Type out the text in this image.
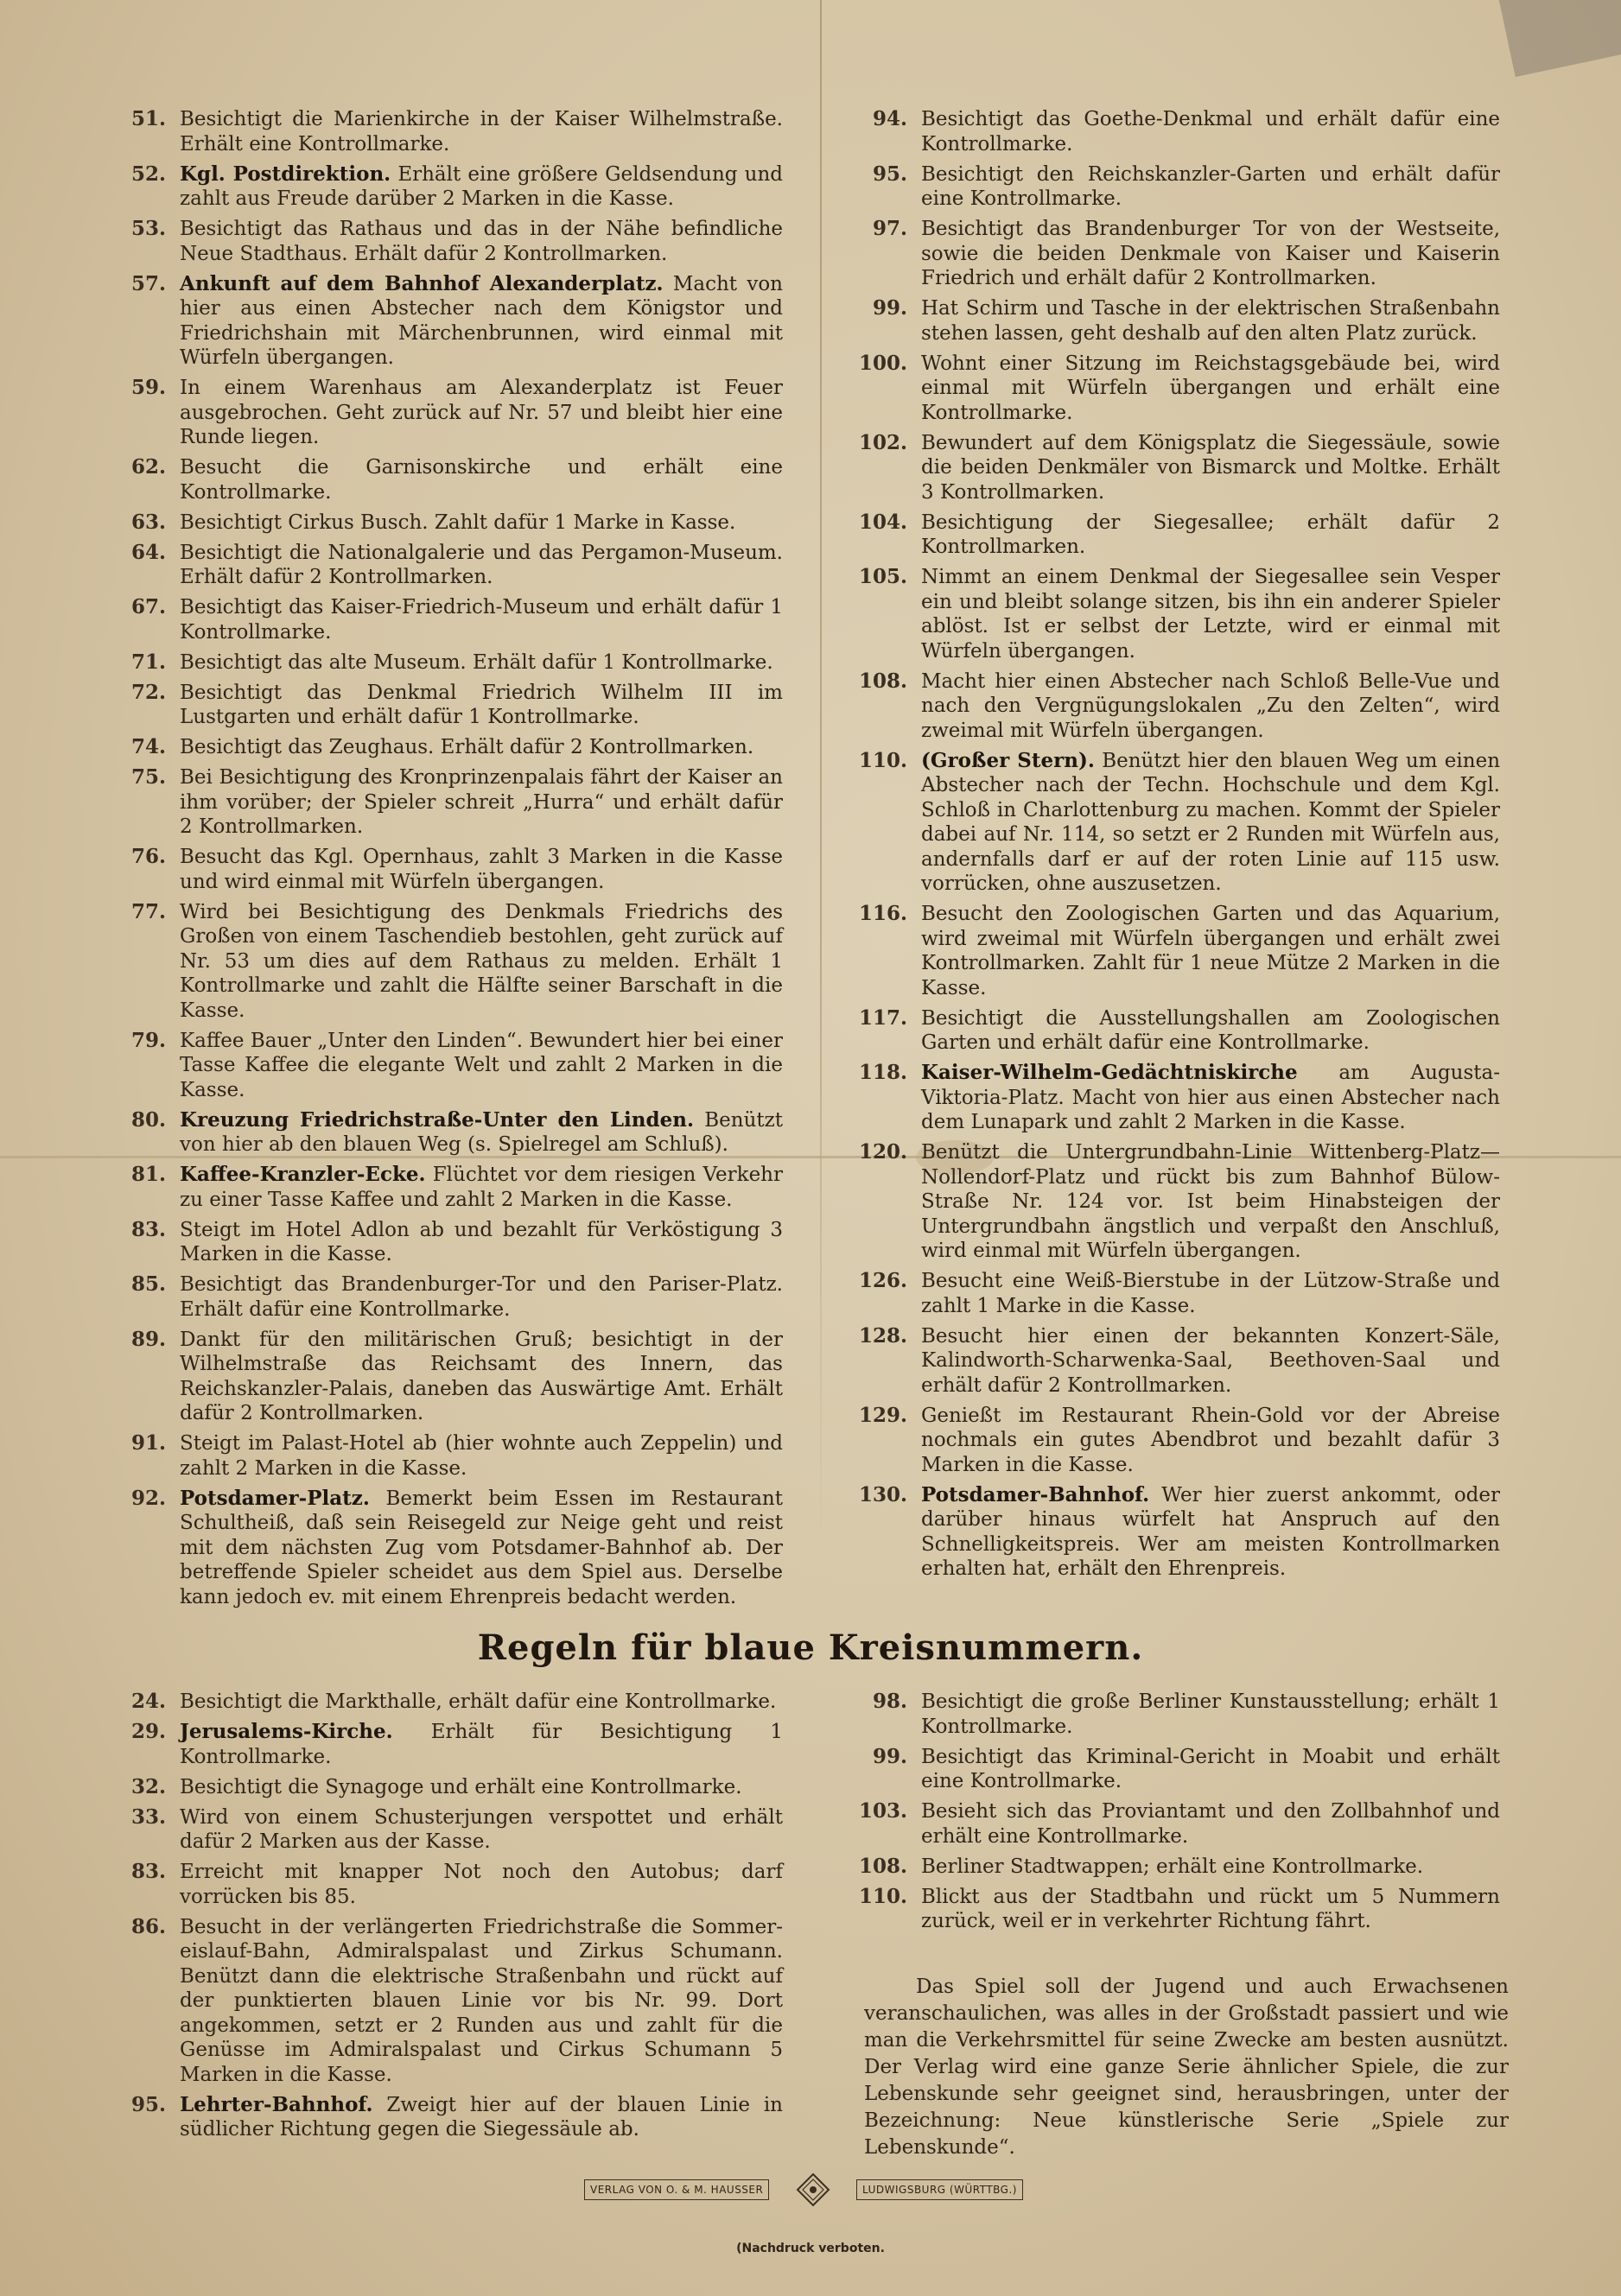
51. Besichtigt die Marienkirche in der Kaiser Wilhelmstraße. Erhält eine Kontrollmarke.
52. Kgl. Postdirektion. Erhält eine größere Geldsendung und zahlt aus Freude darüber 2 Marken in die Kasse.
53. Besichtigt das Rathaus und das in der Nähe befindliche Neue Stadthaus. Erhält dafür 2 Kontrollmarken.
57. Ankunft auf dem Bahnhof Alexanderplatz. Macht von hier aus einen Abstecher nach dem Königstor und Friedrichshain mit Märchenbrunnen, wird einmal mit Würfeln übergangen.
59. In einem Warenhaus am Alexanderplatz ist Feuer ausgebrochen. Geht zurück auf Nr. 57 und bleibt hier eine Runde liegen.
62. Besucht die Garnisonskirche und erhält eine Kontrollmarke.
63. Besichtigt Cirkus Busch. Zahlt dafür 1 Marke in Kasse.
64. Besichtigt die Nationalgalerie und das Pergamon-Museum. Erhält dafür 2 Kontrollmarken.
67. Besichtigt das Kaiser-Friedrich-Museum und erhält dafür 1 Kontrollmarke.
71. Besichtigt das alte Museum. Erhält dafür 1 Kontrollmarke.
72. Besichtigt das Denkmal Friedrich Wilhelm III im Lustgarten und erhält dafür 1 Kontrollmarke.
74. Besichtigt das Zeughaus. Erhält dafür 2 Kontrollmarken.
75. Bei Besichtigung des Kronprinzenpalais fährt der Kaiser an ihm vorüber; der Spieler schreit „Hurra“ und erhält dafür 2 Kontrollmarken.
76. Besucht das Kgl. Opernhaus, zahlt 3 Marken in die Kasse und wird einmal mit Würfeln übergangen.
77. Wird bei Besichtigung des Denkmals Friedrichs des Großen von einem Taschendieb bestohlen, geht zurück auf Nr. 53 um dies auf dem Rathaus zu melden. Erhält 1 Kontrollmarke und zahlt die Hälfte seiner Barschaft in die Kasse.
79. Kaffee Bauer „Unter den Linden“. Bewundert hier bei einer Tasse Kaffee die elegante Welt und zahlt 2 Marken in die Kasse.
80. Kreuzung Friedrichstraße-Unter den Linden. Benützt von hier ab den blauen Weg (s. Spielregel am Schluß).
81. Kaffee-Kranzler-Ecke. Flüchtet vor dem riesigen Verkehr zu einer Tasse Kaffee und zahlt 2 Marken in die Kasse.
83. Steigt im Hotel Adlon ab und bezahlt für Verköstigung 3 Marken in die Kasse.
85. Besichtigt das Brandenburger-Tor und den Pariser-Platz. Erhält dafür eine Kontrollmarke.
89. Dankt für den militärischen Gruß; besichtigt in der Wilhelmstraße das Reichsamt des Innern, das Reichskanzler-Palais, daneben das Auswärtige Amt. Erhält dafür 2 Kontrollmarken.
91. Steigt im Palast-Hotel ab (hier wohnte auch Zeppelin) und zahlt 2 Marken in die Kasse.
92. Potsdamer-Platz. Bemerkt beim Essen im Restaurant Schultheiß, daß sein Reisegeld zur Neige geht und reist mit dem nächsten Zug vom Potsdamer-Bahnhof ab. Der betreffende Spieler scheidet aus dem Spiel aus. Derselbe kann jedoch ev. mit einem Ehrenpreis bedacht werden.
94. Besichtigt das Goethe-Denkmal und erhält dafür eine Kontrollmarke.
95. Besichtigt den Reichskanzler-Garten und erhält dafür eine Kontrollmarke.
97. Besichtigt das Brandenburger Tor von der Westseite, sowie die beiden Denkmale von Kaiser und Kaiserin Friedrich und erhält dafür 2 Kontrollmarken.
99. Hat Schirm und Tasche in der elektrischen Straßenbahn stehen lassen, geht deshalb auf den alten Platz zurück.
100. Wohnt einer Sitzung im Reichstagsgebäude bei, wird einmal mit Würfeln übergangen und erhält eine Kontrollmarke.
102. Bewundert auf dem Königsplatz die Siegessäule, sowie die beiden Denkmäler von Bismarck und Moltke. Erhält 3 Kontrollmarken.
104. Besichtigung der Siegesallee; erhält dafür 2 Kontrollmarken.
105. Nimmt an einem Denkmal der Siegesallee sein Vesper ein und bleibt solange sitzen, bis ihn ein anderer Spieler ablöst. Ist er selbst der Letzte, wird er einmal mit Würfeln übergangen.
108. Macht hier einen Abstecher nach Schloß Belle-Vue und nach den Vergnügungslokalen „Zu den Zelten“, wird zweimal mit Würfeln übergangen.
110. (Großer Stern). Benützt hier den blauen Weg um einen Abstecher nach der Techn. Hochschule und dem Kgl. Schloß in Charlottenburg zu machen. Kommt der Spieler dabei auf Nr. 114, so setzt er 2 Runden mit Würfeln aus, andernfalls darf er auf der roten Linie auf 115 usw. vorrücken, ohne auszusetzen.
116. Besucht den Zoologischen Garten und das Aquarium, wird zweimal mit Würfeln übergangen und erhält zwei Kontrollmarken. Zahlt für 1 neue Mütze 2 Marken in die Kasse.
117. Besichtigt die Ausstellungshallen am Zoologischen Garten und erhält dafür eine Kontrollmarke.
118. Kaiser-Wilhelm-Gedächtniskirche am Augusta-Viktoria-Platz. Macht von hier aus einen Abstecher nach dem Lunapark und zahlt 2 Marken in die Kasse.
120. Benützt die Untergrundbahn-Linie Wittenberg-Platz—Nollendorf-Platz und rückt bis zum Bahnhof Bülow-Straße Nr. 124 vor. Ist beim Hinabsteigen der Untergrundbahn ängstlich und verpaßt den Anschluß, wird einmal mit Würfeln übergangen.
126. Besucht eine Weiß-Bierstube in der Lützow-Straße und zahlt 1 Marke in die Kasse.
128. Besucht hier einen der bekannten Konzert-Säle, Kalindworth-Scharwenka-Saal, Beethoven-Saal und erhält dafür 2 Kontrollmarken.
129. Genießt im Restaurant Rhein-Gold vor der Abreise nochmals ein gutes Abendbrot und bezahlt dafür 3 Marken in die Kasse.
130. Potsdamer-Bahnhof. Wer hier zuerst ankommt, oder darüber hinaus würfelt hat Anspruch auf den Schnelligkeitspreis. Wer am meisten Kontrollmarken erhalten hat, erhält den Ehrenpreis.
Regeln für blaue Kreisnummern.
24. Besichtigt die Markthalle, erhält dafür eine Kontrollmarke.
29. Jerusalems-Kirche. Erhält für Besichtigung 1 Kontrollmarke.
32. Besichtigt die Synagoge und erhält eine Kontrollmarke.
33. Wird von einem Schusterjungen verspottet und erhält dafür 2 Marken aus der Kasse.
83. Erreicht mit knapper Not noch den Autobus; darf vorrücken bis 85.
86. Besucht in der verlängerten Friedrichstraße die Sommer-eislauf-Bahn, Admiralspalast und Zirkus Schumann. Benützt dann die elektrische Straßenbahn und rückt auf der punktierten blauen Linie vor bis Nr. 99. Dort angekommen, setzt er 2 Runden aus und zahlt für die Genüsse im Admiralspalast und Cirkus Schumann 5 Marken in die Kasse.
95. Lehrter-Bahnhof. Zweigt hier auf der blauen Linie in südlicher Richtung gegen die Siegessäule ab.
98. Besichtigt die große Berliner Kunstausstellung; erhält 1 Kontrollmarke.
99. Besichtigt das Kriminal-Gericht in Moabit und erhält eine Kontrollmarke.
103. Besieht sich das Proviantamt und den Zollbahnhof und erhält eine Kontrollmarke.
108. Berliner Stadtwappen; erhält eine Kontrollmarke.
110. Blickt aus der Stadtbahn und rückt um 5 Nummern zurück, weil er in verkehrter Richtung fährt.
Das Spiel soll der Jugend und auch Erwachsenen veranschaulichen, was alles in der Großstadt passiert und wie man die Verkehrsmittel für seine Zwecke am besten ausnützt. Der Verlag wird eine ganze Serie ähnlicher Spiele, die zur Lebenskunde sehr geeignet sind, herausbringen, unter der Bezeichnung: Neue künstlerische Serie „Spiele zur Lebenskunde“.
VERLAG VON O. & M. HAUSSER	LUDWIGSBURG (WÜRTTBG.)
(Nachdruck verboten.
